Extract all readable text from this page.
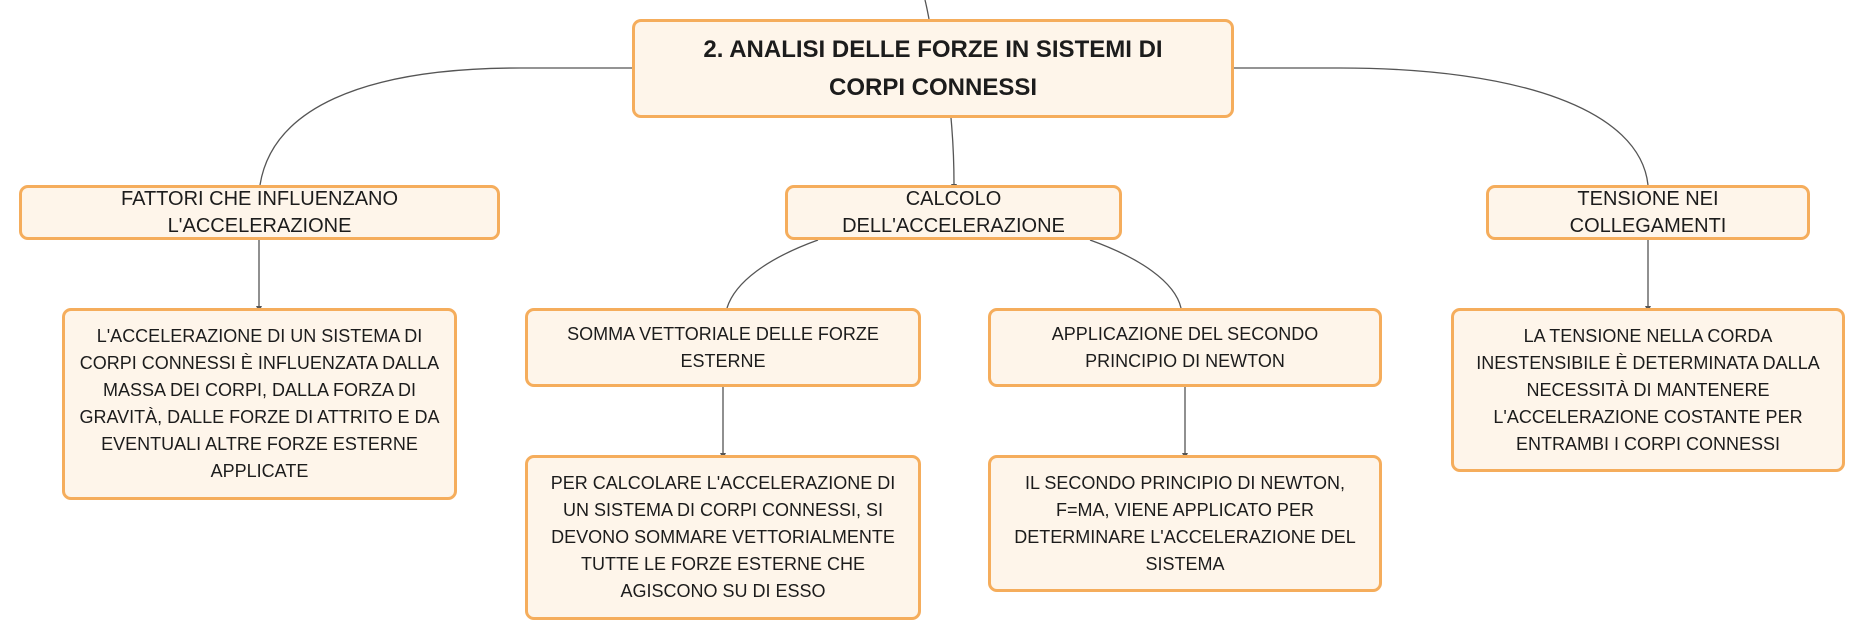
2. ANALISI DELLE FORZE IN SISTEMI DI CORPI CONNESSI
FATTORI CHE INFLUENZANO L'ACCELERAZIONE
CALCOLO DELL'ACCELERAZIONE
TENSIONE NEI COLLEGAMENTI
L'ACCELERAZIONE DI UN SISTEMA DI CORPI CONNESSI È INFLUENZATA DALLA MASSA DEI CORPI, DALLA FORZA DI GRAVITÀ, DALLE FORZE DI ATTRITO E DA EVENTUALI ALTRE FORZE ESTERNE APPLICATE
SOMMA VETTORIALE DELLE FORZE ESTERNE
APPLICAZIONE DEL SECONDO PRINCIPIO DI NEWTON
LA TENSIONE NELLA CORDA INESTENSIBILE È DETERMINATA DALLA NECESSITÀ DI MANTENERE L'ACCELERAZIONE COSTANTE PER ENTRAMBI I CORPI CONNESSI
PER CALCOLARE L'ACCELERAZIONE DI UN SISTEMA DI CORPI CONNESSI, SI DEVONO SOMMARE VETTORIALMENTE TUTTE LE FORZE ESTERNE CHE AGISCONO SU DI ESSO
IL SECONDO PRINCIPIO DI NEWTON, F=MA, VIENE APPLICATO PER DETERMINARE L'ACCELERAZIONE DEL SISTEMA
